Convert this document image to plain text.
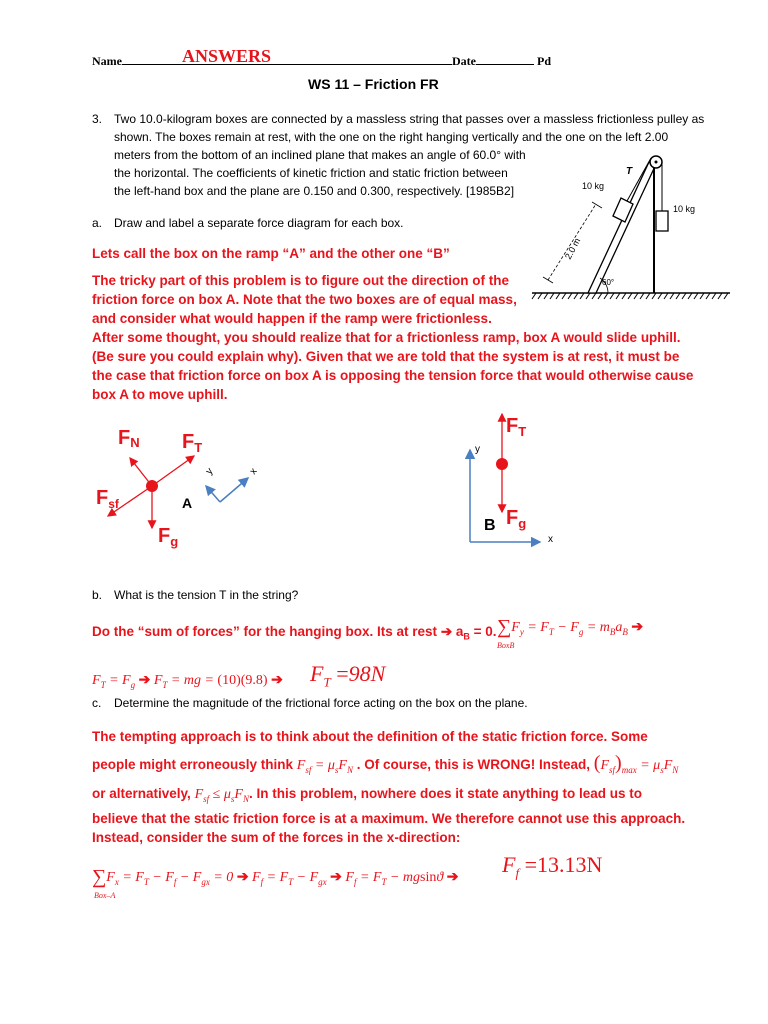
Name	ANSWERS	Date	Pd
WS 11 – Friction FR
3. Two 10.0-kilogram boxes are connected by a massless string that passes over a massless frictionless pulley as
shown. The boxes remain at rest, with the one on the right hanging vertically and the one on the left 2.00
meters from the bottom of an inclined plane that makes an angle of 60.0° with
the horizontal. The coefficients of kinetic friction and static friction between
the left-hand box and the plane are 0.150 and 0.300, respectively. [1985B2]	10 kg
10 kg
T
2.0 m
60°
a. Draw and label a separate force diagram for each box.
Lets call the box on the ramp “A” and the other one “B”
The tricky part of this problem is to figure out the direction of the
friction force on box A. Note that the two boxes are of equal mass,
and consider what would happen if the ramp were frictionless.
After some thought, you should realize that for a frictionless ramp, box A would slide uphill.
(Be sure you could explain why). Given that we are told that the system is at rest, it must be
the case that friction force on box A is opposing the tension force that would otherwise cause
box A to move uphill.
FN $F_T$
$F_{sf}$
$F_g$
A
y	x
y
x
$F_T$
$F_g$
B
b. What is the tension T in the string?
Do the “sum of forces” for the hanging box. Its at rest ➔ $a_B = 0$. $\sum F_y = F_T - F_g = m_Ba_B$ ➔
BoxB
$F_T = F_g$ ➔ $F_T$ = mg = (10)(9.8) ➔ $F_T =98N$
c. Determine the magnitude of the frictional force acting on the box on the plane.
The tempting approach is to think about the definition of the static friction force. Some
people might erroneously think $F_{sf} = \mu_sF_N$ . Of course, this is WRONG! Instead, $(F_{sf})_{max} = \mu_sF_N$
or alternatively, $F_{sf} \le \mu_sF_N$. In this problem, nowhere does it state anything to lead us to
believe that the static friction force is at a maximum. We therefore cannot use this approach.
Instead, consider the sum of the forces in the x-direction:
$\sum F_x = F_T - F_f - F_{gx} = 0$ ➔ $F_f = F_T - F_{gx}$ ➔ $F_f = F_T - mgsinϑ$ ➔
Box–A
$F_f =13.13N$
